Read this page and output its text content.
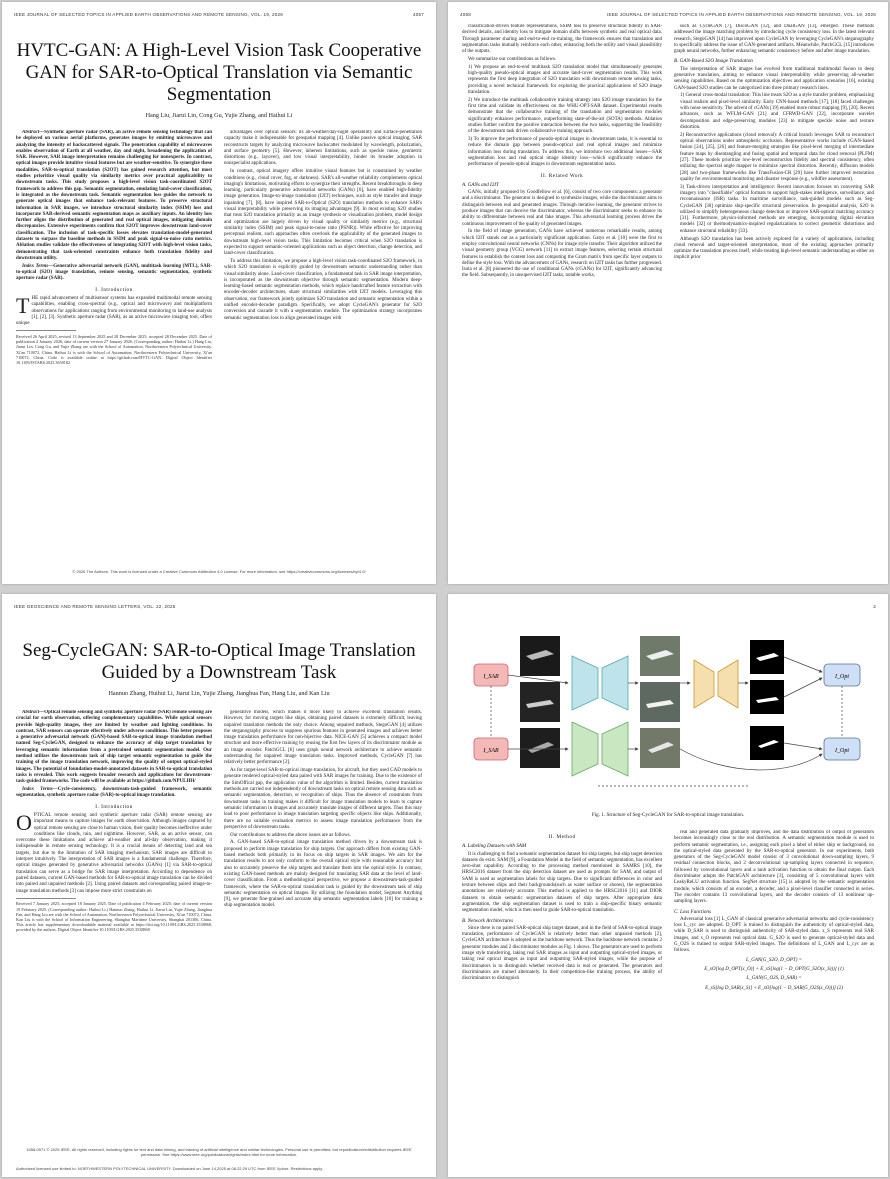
IEEE JOURNAL OF SELECTED TOPICS IN APPLIED EARTH OBSERVATIONS AND REMOTE SENSING, VOL. 19, 2026	4057
HVTC-GAN: A High-Level Vision Task Cooperative GAN for SAR-to-Optical Translation via Semantic Segmentation
Hang Liu, Jiarui Lin, Cong Gu, Yujie Zhang, and Haihui Li

Abstract—Synthetic aperture radar (SAR), an active remote sensing technology that can be deployed on various aerial platforms, generates images by emitting microwaves and analyzing the intensity of backscattered signals. The penetration capability of microwaves enables observation of Earth at all weather, day and night, broadening the application of SAR. However, SAR image interpretation remains challenging for nonexperts. In contrast, optical images provide intuitive visual features but are weather-sensitive. To synergize these modalities, SAR-to-optical translation (S2OT) has gained research attention, but most studies prioritize visual quality via similarity metrics over practical applicability to downstream tasks. This study proposes a high-level vision task-coordinated S2OT framework to address this gap. Semantic segmentation, emulating land-cover classification, is integrated as the downstream task. Semantic segmentation loss guides the network to generate optical images that enhance task-relevant features. To preserve structural information in SAR images, we introduce structural similarity index (SSIM) loss and incorporate SAR-derived semantic segmentation maps as auxiliary inputs. An identity loss further aligns the distribution of generated and real optical images, mitigating domain discrepancies. Extensive experiments confirm that S2OT improves downstream land-cover classification. The inclusion of task-specific losses elevates translation-model-generated datasets to surpass the baseline methods in SSIM and peak signal-to-noise ratio metrics. Ablation studies validate the effectiveness of integrating S2OT with high-level vision tasks, demonstrating that task-oriented constraints enhance both translation fidelity and downstream utility.

Index Terms—Generative adversarial network (GAN), multitask learning (MTL), SAR-to-optical (S2O) image translation, remote sensing, semantic segmentation, synthetic aperture radar (SAR).

I. Introduction

THE rapid advancement of multisensor systems has expanded multimodal remote sensing capabilities, enabling cross-spectral (e.g., optical and microwave) and multiplatform observations for applications ranging from environmental monitoring to land-use analysis [1], [2], [3]. Synthetic aperture radar (SAR), as an active microwave imaging tool, offers unique

Received 26 April 2025; revised 13 September 2025 and 28 December 2025; accepted 28 December 2025. Date of publication 2 January 2026; date of current version 27 January 2026. (Corresponding author: Haihui Li.) Hang Liu, Jiarui Lin, Cong Gu, and Yujie Zhang are with the School of Automation, Northwestern Polytechnical University, Xi'an 710072, China. Haihui Li is with the School of Automation, Northwestern Polytechnical University, Xi'an 710072, China. Code is available online at https://github.com/HVTC-GAN. Digital Object Identifier 10.1109/JSTARS.2025.3650182

advantages over optical sensors: its all-weather/day-night operability and surface-penetration capacity make it indispensable for geospatial mapping [4]. Unlike passive optical imaging, SAR reconstructs targets by analyzing microwave backscatter modulated by wavelength, polarization, and surface geometry [5]. However, inherent limitations, such as speckle noise, geometric distortions (e.g., layover), and low visual interpretability, hinder its broader adoption in nonspecialist applications.

In contrast, optical imagery offers intuitive visual features but is constrained by weather conditions (e.g., cloud cover, fog, or darkness). SAR's all-weather reliability complements optical imaging's limitations, motivating efforts to synergize their strengths. Recent breakthroughs in deep learning, particularly generative adversarial networks (GANs) [6], have enabled high-fidelity image generation. Image-to-image translation (I2IT) techniques, such as style transfer and image inpainting [7], [8], have inspired SAR-to-Optical (S2O) translation methods to enhance SAR's visual interpretability while preserving its imaging advantages [9]. In most existing S2O studies that treat S2O translation primarily as an image synthesis or visualization problem, model design and optimization are largely driven by visual quality or similarity metrics (e.g., structural similarity index (SSIM) and peak signal-to-noise ratio (PSNR)). While effective for improving perceptual realism, such approaches often overlook the applicability of the generated images to downstream high-level vision tasks. This limitation becomes critical when S2O translation is expected to support semantic-oriented applications such as object detection, change detection, and land-cover classification.

To address this limitation, we propose a high-level vision task-coordinated S2O framework, in which S2O translation is explicitly guided by downstream semantic understanding rather than visual similarity alone. Land-cover classification, a fundamental task in SAR image interpretation, is incorporated as the downstream objective through semantic segmentation. Modern deep-learning-based semantic segmentation methods, which replace handcrafted feature extraction with encoder-decoder architectures, share structural similarities with I2IT models. Leveraging this observation, our framework jointly optimizes S2O translation and semantic segmentation within a unified encoder-decoder paradigm. Specifically, we adopt CycleGAN's generator for S2O conversion and cascade it with a segmentation module. The optimization strategy incorporates semantic segmentation loss to align generated images with

© 2026 The Authors. This work is licensed under a Creative Commons Attribution 4.0 License. For more information, see https://creativecommons.org/licenses/by/4.0/
4058	IEEE JOURNAL OF SELECTED TOPICS IN APPLIED EARTH OBSERVATIONS AND REMOTE SENSING, VOL. 19, 2026

classification-driven feature representations, SSIM loss to preserve structural fidelity in SAR-derived details, and identity loss to mitigate domain shifts between synthetic and real optical data. Through parameter sharing and end-to-end co-training, the framework ensures that translation and segmentation tasks mutually reinforce each other, enhancing both the utility and visual plausibility of the outputs.

We summarize our contributions as follows.

1) We propose an end-to-end multitask S2O translation model that simultaneously generates high-quality pseudo-optical images and accurate land-cover segmentation results. This work represents the first deep integration of S2O translation with downstream remote sensing tasks, providing a novel technical framework for exploring the practical applications of S2O image translation.

2) We introduce the multitask collaborative training strategy into S2O image translation for the first time and validate its effectiveness on the WHU-OPT-SAR dataset. Experimental results demonstrate that the collaborative training of the translation and segmentation modules significantly enhances performance, outperforming state-of-the-art (SOTA) methods. Ablation studies further confirm the positive interaction between the two tasks, supporting the feasibility of the downstream task driven collaborative training approach.

3) To improve the performance of pseudo-optical images in downstream tasks, it is essential to reduce the domain gap between pseudo-optical and real optical images and minimize information loss during translation. To address this, we introduce two additional losses—SAR segmentation loss and real optical image identity loss—which significantly enhance the performance of pseudo-optical images in downstream segmentation tasks.

II. Related Work
A. GANs and I2IT

GANs, initially proposed by Goodfellow et al. [6], consist of two core components: a generator and a discriminator. The generator is designed to synthesize images, while the discriminator aims to distinguish between real and generated images. Through iterative learning, the generator strives to produce images that can deceive the discriminator, whereas the discriminator seeks to enhance its ability to differentiate between real and fake images. This adversarial learning process drives the continuous improvement of the quality of generated images.

In the field of image generation, GANs have achieved numerous remarkable results, among which I2IT stands out as a particularly significant application. Gatys et al. [10] were the first to employ convolutional neural networks (CNNs) for image style transfer. Their algorithm utilized the visual geometry group (VGG) network [11] to extract image features, selecting certain structural features to establish the content loss and computing the Gram matrix from specific layer outputs to define the style loss. With the advancement of GANs, research on I2IT tasks has further progressed. Isola et al. [8] pioneered the use of conditional GANs (cGANs) for I2IT, significantly advancing the field. Subsequently, in unsupervised I2IT tasks, notable works,

such as CycleGAN [7], DiscoGAN [12], and DualGAN [13], emerged. These methods addressed the image matching problem by introducing cycle consistency loss. In the latest relevant research, StegoGAN [14] has improved upon CycleGAN by leveraging CycleGAN's steganography to specifically address the issue of GAN-generated artifacts. Meanwhile, PatchGCL [15] introduces graph neural networks, further enhancing semantic consistency before and after image translation.

B. GAN-Based S2O Image Translation

The interpretation of SAR images has evolved from traditional multimodal fusion to deep generative translation, aiming to enhance visual interpretability while preserving all-weather sensing capabilities. Based on the optimization objectives and application scenarios [16], existing GAN-based S2O studies can be categorized into three primary research lines.

1) General cross-modal translation: This line treats S2O as a style transfer problem, emphasizing visual realism and pixel-level similarity. Early CNN-based methods [17], [18] faced challenges with noise sensitivity. The advent of cGANs [19] enabled more robust mapping [9], [20]. Recent advances, such as WFLM-GAN [21] and CFRWD-GAN [22], incorporate wavelet decomposition and edge-preserving modules [23] to mitigate speckle noise and texture distortion.

2) Reconstructive applications (cloud removal): A critical branch leverages SAR to reconstruct optical observations under atmospheric occlusion. Representative works include cGAN-based fusion [24], [25], [26] and feature-merging strategies like pixel-level merging of intermediate feature maps by disentangling and fusing spatial and temporal data for cloud removal (PLFM) [27]. These models prioritize low-level reconstruction fidelity and spectral consistency, often utilizing the spectral angle mapper to minimize spectral distortion. Recently, diffusion models [28] and two-phase frameworks like TransFusion-CR [29] have further improved restoration quality for environmental monitoring and disaster response (e.g., wildfire assessment).

3) Task-driven interpretation and intelligence: Recent innovation focuses on converting SAR imagery into "classifiable" optical formats to support high-stakes intelligence, surveillance, and reconnaissance (ISR) tasks. In maritime surveillance, task-guided models such as Seg-CycleGAN [30] optimize ship-specific structural preservation. In geospatial analysis, S2O is utilized to simplify heterogeneous change detection or improve SAR-optical matching accuracy [31]. Furthermore, physics-informed methods are emerging, incorporating digital elevation models [32] or thermodynamics-inspired regularizations to correct geometric distortions and enhance structural reliability [33].

Although S2O translation has been actively explored for a variety of applications, including cloud removal and target-oriented interpretation, most of the existing approaches primarily optimize the translation process itself, while treating high-level semantic understanding as either an implicit prior

IEEE GEOSCIENCE AND REMOTE SENSING LETTERS, VOL. 22, 2025
Seg-CycleGAN: SAR-to-Optical Image Translation Guided by a Downstream Task
Hannuo Zhang, Huihui Li, Jiarui Lin, Yujie Zhang, Jianghua Fan, Hang Liu, and Kan Liu

Abstract—Optical remote sensing and synthetic aperture radar (SAR) remote sensing are crucial for earth observation, offering complementary capabilities. While optical sensors provide high-quality images, they are limited by weather and lighting conditions. In contrast, SAR sensors can operate effectively under adverse conditions. This letter proposes a generative adversarial network (GAN)-based SAR-to-optical image translation method named Seg-CycleGAN, designed to enhance the accuracy of ship target translation by leveraging semantic information from a pretrained semantic segmentation model. Our method utilizes the downstream task of ship target semantic segmentation to guide the training of the image translation network, improving the quality of output optical-styled images. The potential of foundation-model-annotated datasets in SAR-to-optical translation tasks is revealed. This work suggests broader research and applications for downstream-task-guided frameworks. The code will be available at https://github.com/NPULHH/

Index Terms—Cycle-consistency, downstream-task-guided framework, semantic segmentation, synthetic aperture radar (SAR)-to-optical image translation.

I. Introduction

OPTICAL remote sensing and synthetic aperture radar (SAR) remote sensing are important means to capture images for earth observation. Although images captured by optical remote sensing are close to human vision, their quality becomes ineffective under conditions like clouds, rain, and nighttime. However, SAR, as an active sensor, can overcome these limitations and achieve all-weather and all-day observation, making it indispensable in remote sensing technology. It is a crucial means of detecting land and sea targets, but due to the limitation of SAR imaging mechanism, SAR images are difficult to interpret intuitively. The interpretation of SAR images is a fundamental challenge. Therefore, optical images generated by generative adversarial networks (GANs) [1] via SAR-to-optical translation can serve as a bridge for SAR image interpretation. According to dependence on paired datasets, current GAN-based methods for SAR-to-optical image translation can be divided into paired and unpaired methods [2]. Using paired datasets and corresponding paired image-to-image translation methods [3] can impose more strict constraints on

Received 7 January 2025; accepted 18 January 2025. Date of publication 4 February 2025; date of current version 19 February 2025. (Corresponding author: Huihui Li.) Hannuo Zhang, Huihui Li, Jiarui Lin, Yujie Zhang, Jianghua Fan, and Hang Liu are with the School of Automation, Northwestern Polytechnical University, Xi'an 710072, China. Kan Liu is with the School of Information Engineering, Shanghai Maritime University, Shanghai 201306, China. This article has supplementary downloadable material available at https://doi.org/10.1109/LGRS.2025.3538868, provided by the authors. Digital Object Identifier 10.1109/LGRS.2025.3538868

generative models, which makes it more likely to achieve excellent translation results. However, for moving targets like ships, obtaining paired datasets is extremely difficult, leaving unpaired translation methods the only choice. Among unpaired methods, StegoGAN [4] utilizes the steganography process to suppress spurious features in generated images and achieves better image translation performance for non-bijective data. NICE-GAN [5] achieves a compact model structure and more effective training by reusing the first few layers of its discriminator module as an image encoder. PatchGCL [6] uses graph neural network architecture to achieve semantic understanding for unpaired image translation tasks. Improved methods, CycleGAN [7] has relatively better performance [2].

As for target-level SAR-to-optical image translation, for aircraft, but they used CAD models to generate rendered optical-styled data paired with SAR images for training. Due to the existence of the SimOffical gap, the application value of the algorithm is limited. Besides, current translation methods are carried out independently of downstream tasks on optical remote sensing data such as semantic segmentation, detection, or recognition of ships. Thus the absence of constraints from downstream tasks in training makes it difficult for image translation models to learn to capture semantic information in images and accurately translate images of different targets. Thus this may lead to poor performance in image translation targeting specific objects like ships. Additionally, there are no suitable evaluation metrics to assess image translation performance from the perspective of downstream tasks.

Our contributions to address the above issues are as follows.

A. GAN-based SAR-to-optical image translation method driven by a downstream task is proposed to perform image translation for ship targets. Our approach differs from existing GAN-based methods both primarily in its focus on ship targets in SAR images. We aim for the translation results to not only conform to the overall optical style with reasonable accuracy but also to accurately preserve the ship targets and translate them into the optical style. In contrast, existing GAN-based methods are mainly designed for translating SAR data at the level of land-cover classification. From a methodological perspective, we propose a downstream-task-guided framework, where the SAR-to-optical translation task is guided by the downstream task of ship semantic segmentation on optical images. By utilizing the foundation model, Segment Anything [9], we generate fine-grained and accurate ship semantic segmentation labels [10] for training a ship segmentation model.

1558-0571 © 2025 IEEE. All rights reserved, including rights for text and data mining, and training of artificial intelligence and similar technologies. Personal use is permitted, but republication/redistribution requires IEEE permission. See https://www.ieee.org/publications/rights/index.html for more information.
Authorized licensed use limited to: NORTHWESTERN POLYTECHNICAL UNIVERSITY. Downloaded on June 14,2025 at 06:22:29 UTC from IEEE Xplore. Restrictions apply.
2
I_SAR
I_SAR
I_Opt
I_Opt
Fig. 1. Structure of Seg-CycleGAN for SAR-to-optical image translation.
II. Method
A. Labeling Datasets with SAM

It is challenging to find a semantic segmentation dataset for ship targets, but ship target detection datasets do exist. SAM [9], a Foundation Model in the field of semantic segmentation, has excellent zero-shot capability. According to the processing method mentioned in SAMRS [10], the HRSC2016 dataset from the ship detection dataset are used as prompts for SAM, and output of SAM is used as segmentation labels for ship targets. Due to significant differences in color and texture between ships and their backgrounds(such as water surface or shores), the segmentation annotations are relatively accurate. This method is applied to the HRSC2016 [11] and DIOR datasets to obtain semantic segmentation datasets of ship targets. After appropriate data augmentation, the ship segmentation dataset is used to train a ship-specific binary semantic segmentation model, which is then used to guide SAR-to-optical translation.

B. Network Architectures

Since there is no paired SAR-optical ship target dataset, and in the field of SAR-to-optical image translation, performance of CycleGAN is relatively better than other unpaired methods [2], CycleGAN architecture is adopted as the backbone network. Thus the backbone network contains 2 generator modules and 2 discriminator modules as Fig. 1 shows. The generators are used to perform image style transferring, taking real SAR images as input and outputting optical-styled images, or taking real optical images as input and outputting SAR-styled images, while the purpose of discriminators is to distinguish whether received data is real or generated. The generators and discriminators are trained alternately. In their competition-like training process, the ability of discriminators to distinguish

real and generated data gradually improves, and the data distribution of output of generators becomes increasingly close to the real distribution. A semantic segmentation module is used to perform semantic segmentation, i.e., assigning each pixel a label of either ship or background, on the optical-styled data generated by the SAR-to-optical generator. In our experiments, both generators of the Seg-CycleGAN model consist of 3 convolutional down-sampling layers, 9 residual connection blocks, and 2 deconvolutional up-sampling layers connected in sequence, followed by convolutional layers and a tanh activation function to obtain the final output. Each discriminator adopts the PatchGAN architecture [3], consisting of 5 convolutional layers with LeakyReLU activation function. SegNet structure [15] is adopted by the semantic segmentation module, which consists of an encoder, a decoder, and a pixel-level classifier connected in series. The encoder contains 13 convolutional layers, and the decoder consists of 13 nonlinear up-sampling layers.

C. Loss Functions

Adversarial loss [1] L_GAN of classical generative adversarial networks and cycle-consistency loss L_cyc are adopted. D_OPT is trained to distinguish the authenticity of optical-styled data, while D_SAR is used to distinguish authenticity of SAR-styled data. x_S represents real SAR images, and x_O represents real optical data. G_S2O is used to generate optical-styled data and G_O2S is trained to output SAR-styled images. The definitions of L_GAN and L_cyc are as follows.

L_GAN(G_S2O, D_OPT) =
E_xO[log D_OPT(x_O)] + E_xS[log(1 − D_OPT(G_S2O(x_S)))] (1)
L_GAN(G_O2S, D_SAR) =
E_xS[log D_SAR(x_S)] + E_xO[log(1 − D_SAR(G_O2S(x_O)))] (2)
